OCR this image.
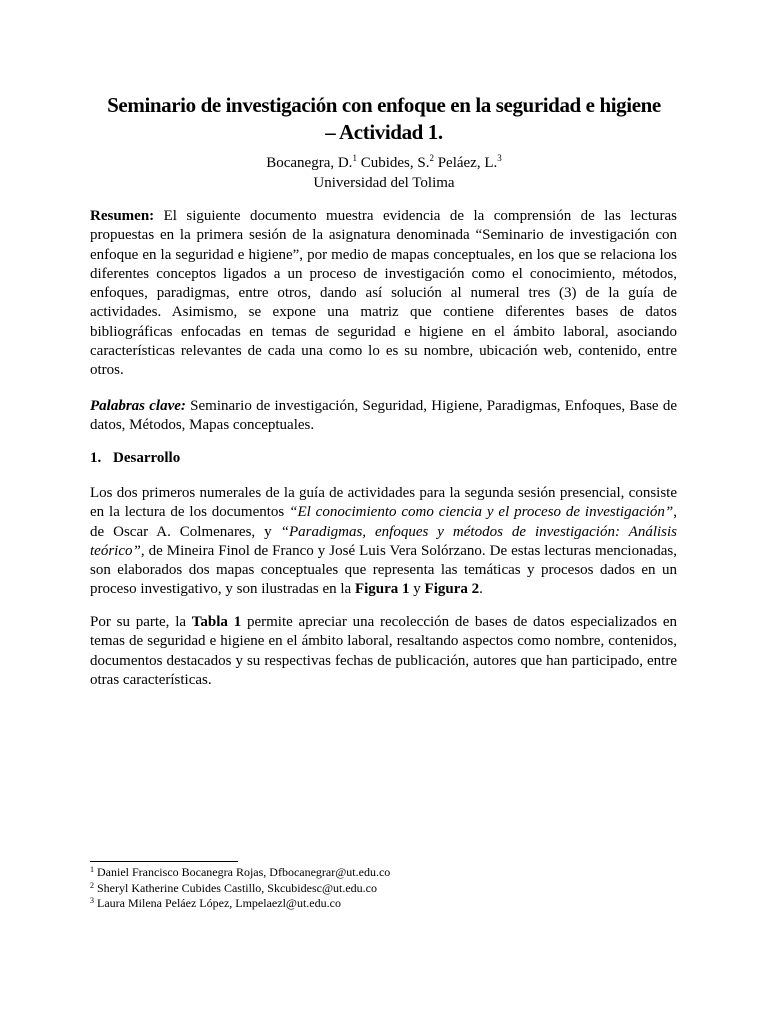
Seminario de investigación con enfoque en la seguridad e higiene
– Actividad 1.
Bocanegra, D.$^1$ Cubides, S.$^2$ Peláez, L.$^3$
Universidad del Tolima
Resumen: El siguiente documento muestra evidencia de la comprensión de las lecturas propuestas en la primera sesión de la asignatura denominada “Seminario de investigación con enfoque en la seguridad e higiene”, por medio de mapas conceptuales, en los que se relaciona los diferentes conceptos ligados a un proceso de investigación como el conocimiento, métodos, enfoques, paradigmas, entre otros, dando así solución al numeral tres (3) de la guía de actividades. Asimismo, se expone una matriz que contiene diferentes bases de datos bibliográficas enfocadas en temas de seguridad e higiene en el ámbito laboral, asociando características relevantes de cada una como lo es su nombre, ubicación web, contenido, entre otros.
Palabras clave: Seminario de investigación, Seguridad, Higiene, Paradigmas, Enfoques, Base de datos, Métodos, Mapas conceptuales.
1. Desarrollo
Los dos primeros numerales de la guía de actividades para la segunda sesión presencial, consiste en la lectura de los documentos “El conocimiento como ciencia y el proceso de investigación”, de Oscar A. Colmenares, y “Paradigmas, enfoques y métodos de investigación: Análisis teórico”, de Mineira Finol de Franco y José Luis Vera Solórzano. De estas lecturas mencionadas, son elaborados dos mapas conceptuales que representa las temáticas y procesos dados en un proceso investigativo, y son ilustradas en la Figura 1 y Figura 2.
Por su parte, la Tabla 1 permite apreciar una recolección de bases de datos especializados en temas de seguridad e higiene en el ámbito laboral, resaltando aspectos como nombre, contenidos, documentos destacados y su respectivas fechas de publicación, autores que han participado, entre otras características.
$^1$ Daniel Francisco Bocanegra Rojas, Dfbocanegrar@ut.edu.co
$^2$ Sheryl Katherine Cubides Castillo, Skcubidesc@ut.edu.co
$^3$ Laura Milena Peláez López, Lmpelaezl@ut.edu.co
